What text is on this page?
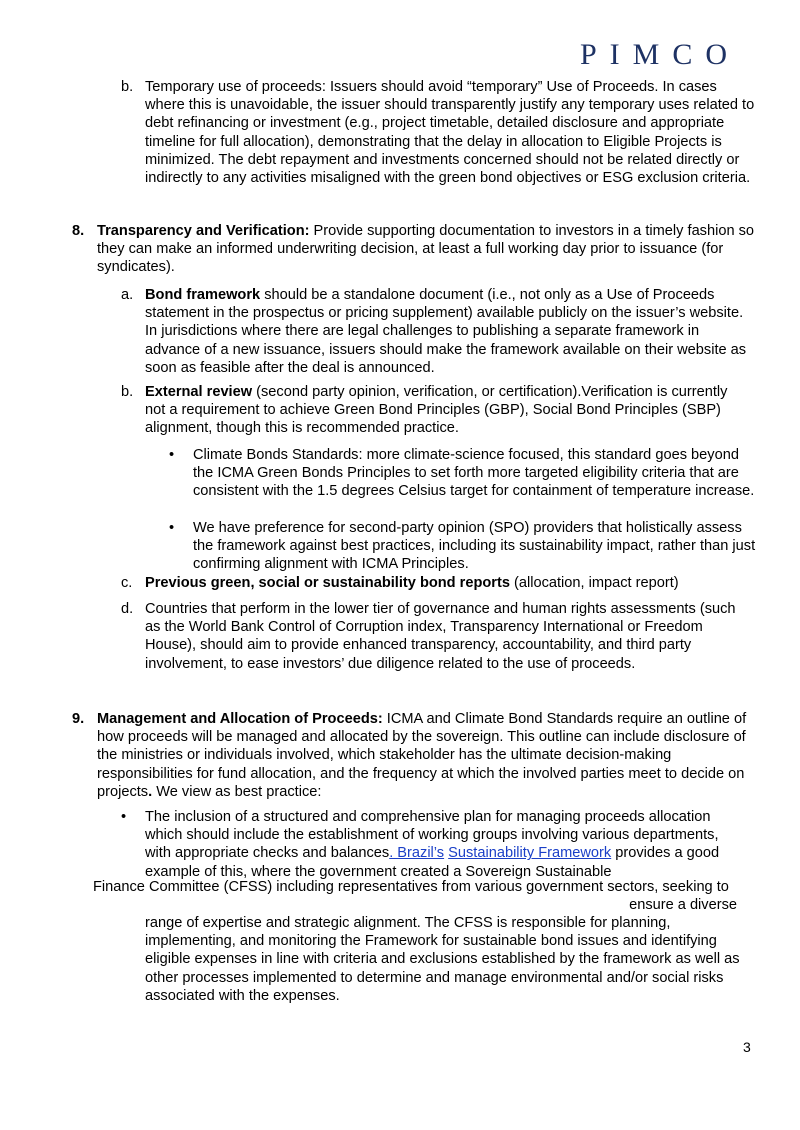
PIMCO
b. Temporary use of proceeds: Issuers should avoid “temporary” Use of Proceeds. In cases where this is unavoidable, the issuer should transparently justify any temporary uses related to debt refinancing or investment (e.g., project timetable, detailed disclosure and appropriate timeline for full allocation), demonstrating that the delay in allocation to Eligible Projects is minimized. The debt repayment and investments concerned should not be related directly or indirectly to any activities misaligned with the green bond objectives or ESG exclusion criteria.

8. Transparency and Verification: Provide supporting documentation to investors in a timely fashion so they can make an informed underwriting decision, at least a full working day prior to issuance (for syndicates).

a. Bond framework should be a standalone document (i.e., not only as a Use of Proceeds statement in the prospectus or pricing supplement) available publicly on the issuer’s website. In jurisdictions where there are legal challenges to publishing a separate framework in advance of a new issuance, issuers should make the framework available on their website as soon as feasible after the deal is announced.

b. External review (second party opinion, verification, or certification).Verification is currently not a requirement to achieve Green Bond Principles (GBP), Social Bond Principles (SBP) alignment, though this is recommended practice.

• Climate Bonds Standards: more climate-science focused, this standard goes beyond the ICMA Green Bonds Principles to set forth more targeted eligibility criteria that are consistent with the 1.5 degrees Celsius target for containment of temperature increase.

• We have preference for second-party opinion (SPO) providers that holistically assess the framework against best practices, including its sustainability impact, rather than just confirming alignment with ICMA Principles.

c. Previous green, social or sustainability bond reports (allocation, impact report)

d. Countries that perform in the lower tier of governance and human rights assessments (such as the World Bank Control of Corruption index, Transparency International or Freedom House), should aim to provide enhanced transparency, accountability, and third party involvement, to ease investors’ due diligence related to the use of proceeds.

9. Management and Allocation of Proceeds: ICMA and Climate Bond Standards require an outline of how proceeds will be managed and allocated by the sovereign. This outline can include disclosure of the ministries or individuals involved, which stakeholder has the ultimate decision-making responsibilities for fund allocation, and the frequency at which the involved parties meet to decide on projects. We view as best practice:

• The inclusion of a structured and comprehensive plan for managing proceeds allocation which should include the establishment of working groups involving various departments, with appropriate checks and balances. Brazil’s Sustainability Framework provides a good example of this, where the government created a Sovereign Sustainable

Finance Committee (CFSS) including representatives from various government sectors, seeking to

ensure a diverse

range of expertise and strategic alignment. The CFSS is responsible for planning, implementing, and monitoring the Framework for sustainable bond issues and identifying eligible expenses in line with criteria and exclusions established by the framework as well as other processes implemented to determine and manage environmental and/or social risks associated with the expenses.

3
